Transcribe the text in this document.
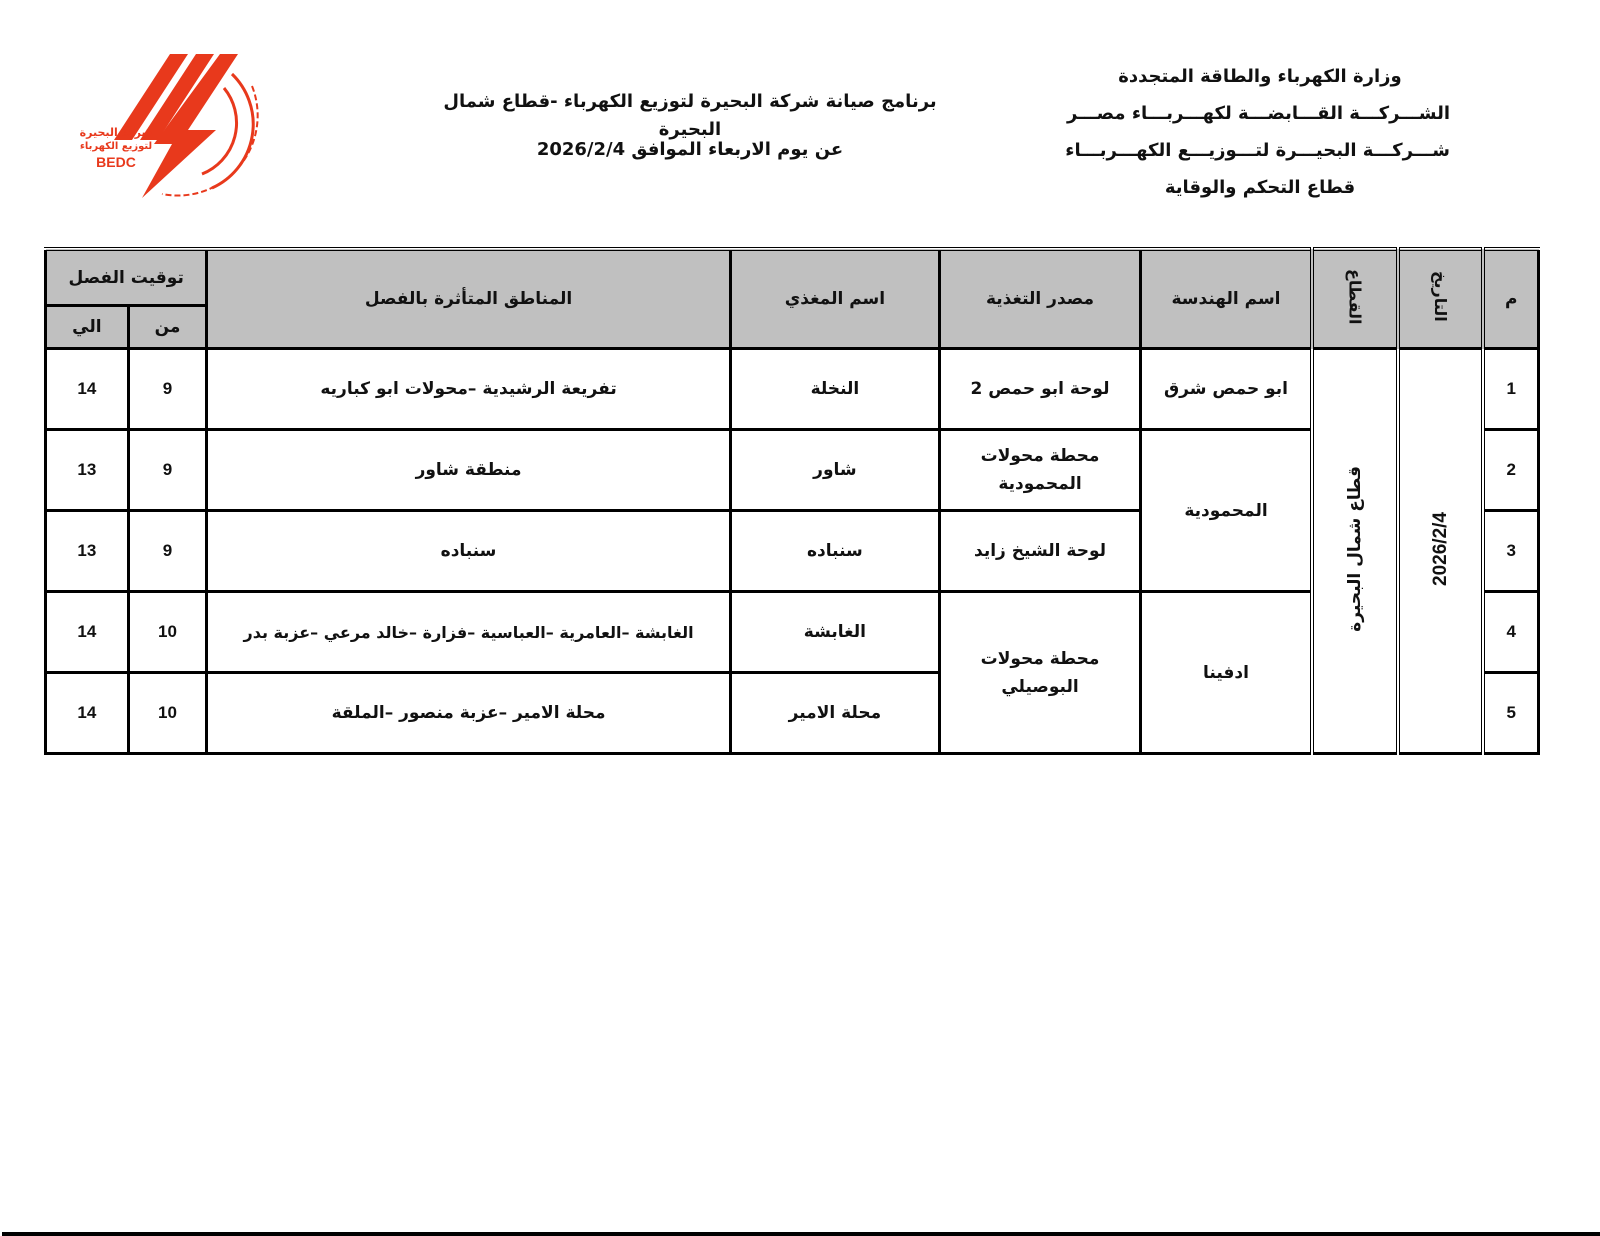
وزارة الكهرباء والطاقة المتجددة
الشـــركـــة القـــابضـــة لكهـــربـــاء مصـــر
شـــركـــة البحيـــرة لتـــوزيـــع الكهـــربـــاء
قطاع التحكم والوقاية
برنامج صيانة شركة البحيرة لتوزيع الكهرباء -قطاع شمال البحيرة
عن يوم الاربعاء الموافق 2026/2/4
شركة البحيرة
لتوزيع الكهرباء
BEDC
م	التاريخ	القطاع	اسم الهندسة	مصدر التغذية	اسم المغذي	المناطق المتأثرة بالفصل	توقيت الفصل	
							من	الي
1	2026/2/4	قطاع شمال البحيرة	ابو حمص شرق	لوحة ابو حمص 2	النخلة	تفريعة الرشيدية –محولات ابو كباريه	9	14
2			المحمودية	محطة محولات المحمودية	شاور	منطقة شاور	9	13
3				لوحة الشيخ زايد	سنباده	سنباده	9	13
4			ادفينا	محطة محولات البوصيلي	الغابشة	الغابشة –العامرية –العباسية –فزارة –خالد مرعي –عزبة بدر	10	14
5					محلة الامير	محلة الامير –عزبة منصور –الملقة	10	14
